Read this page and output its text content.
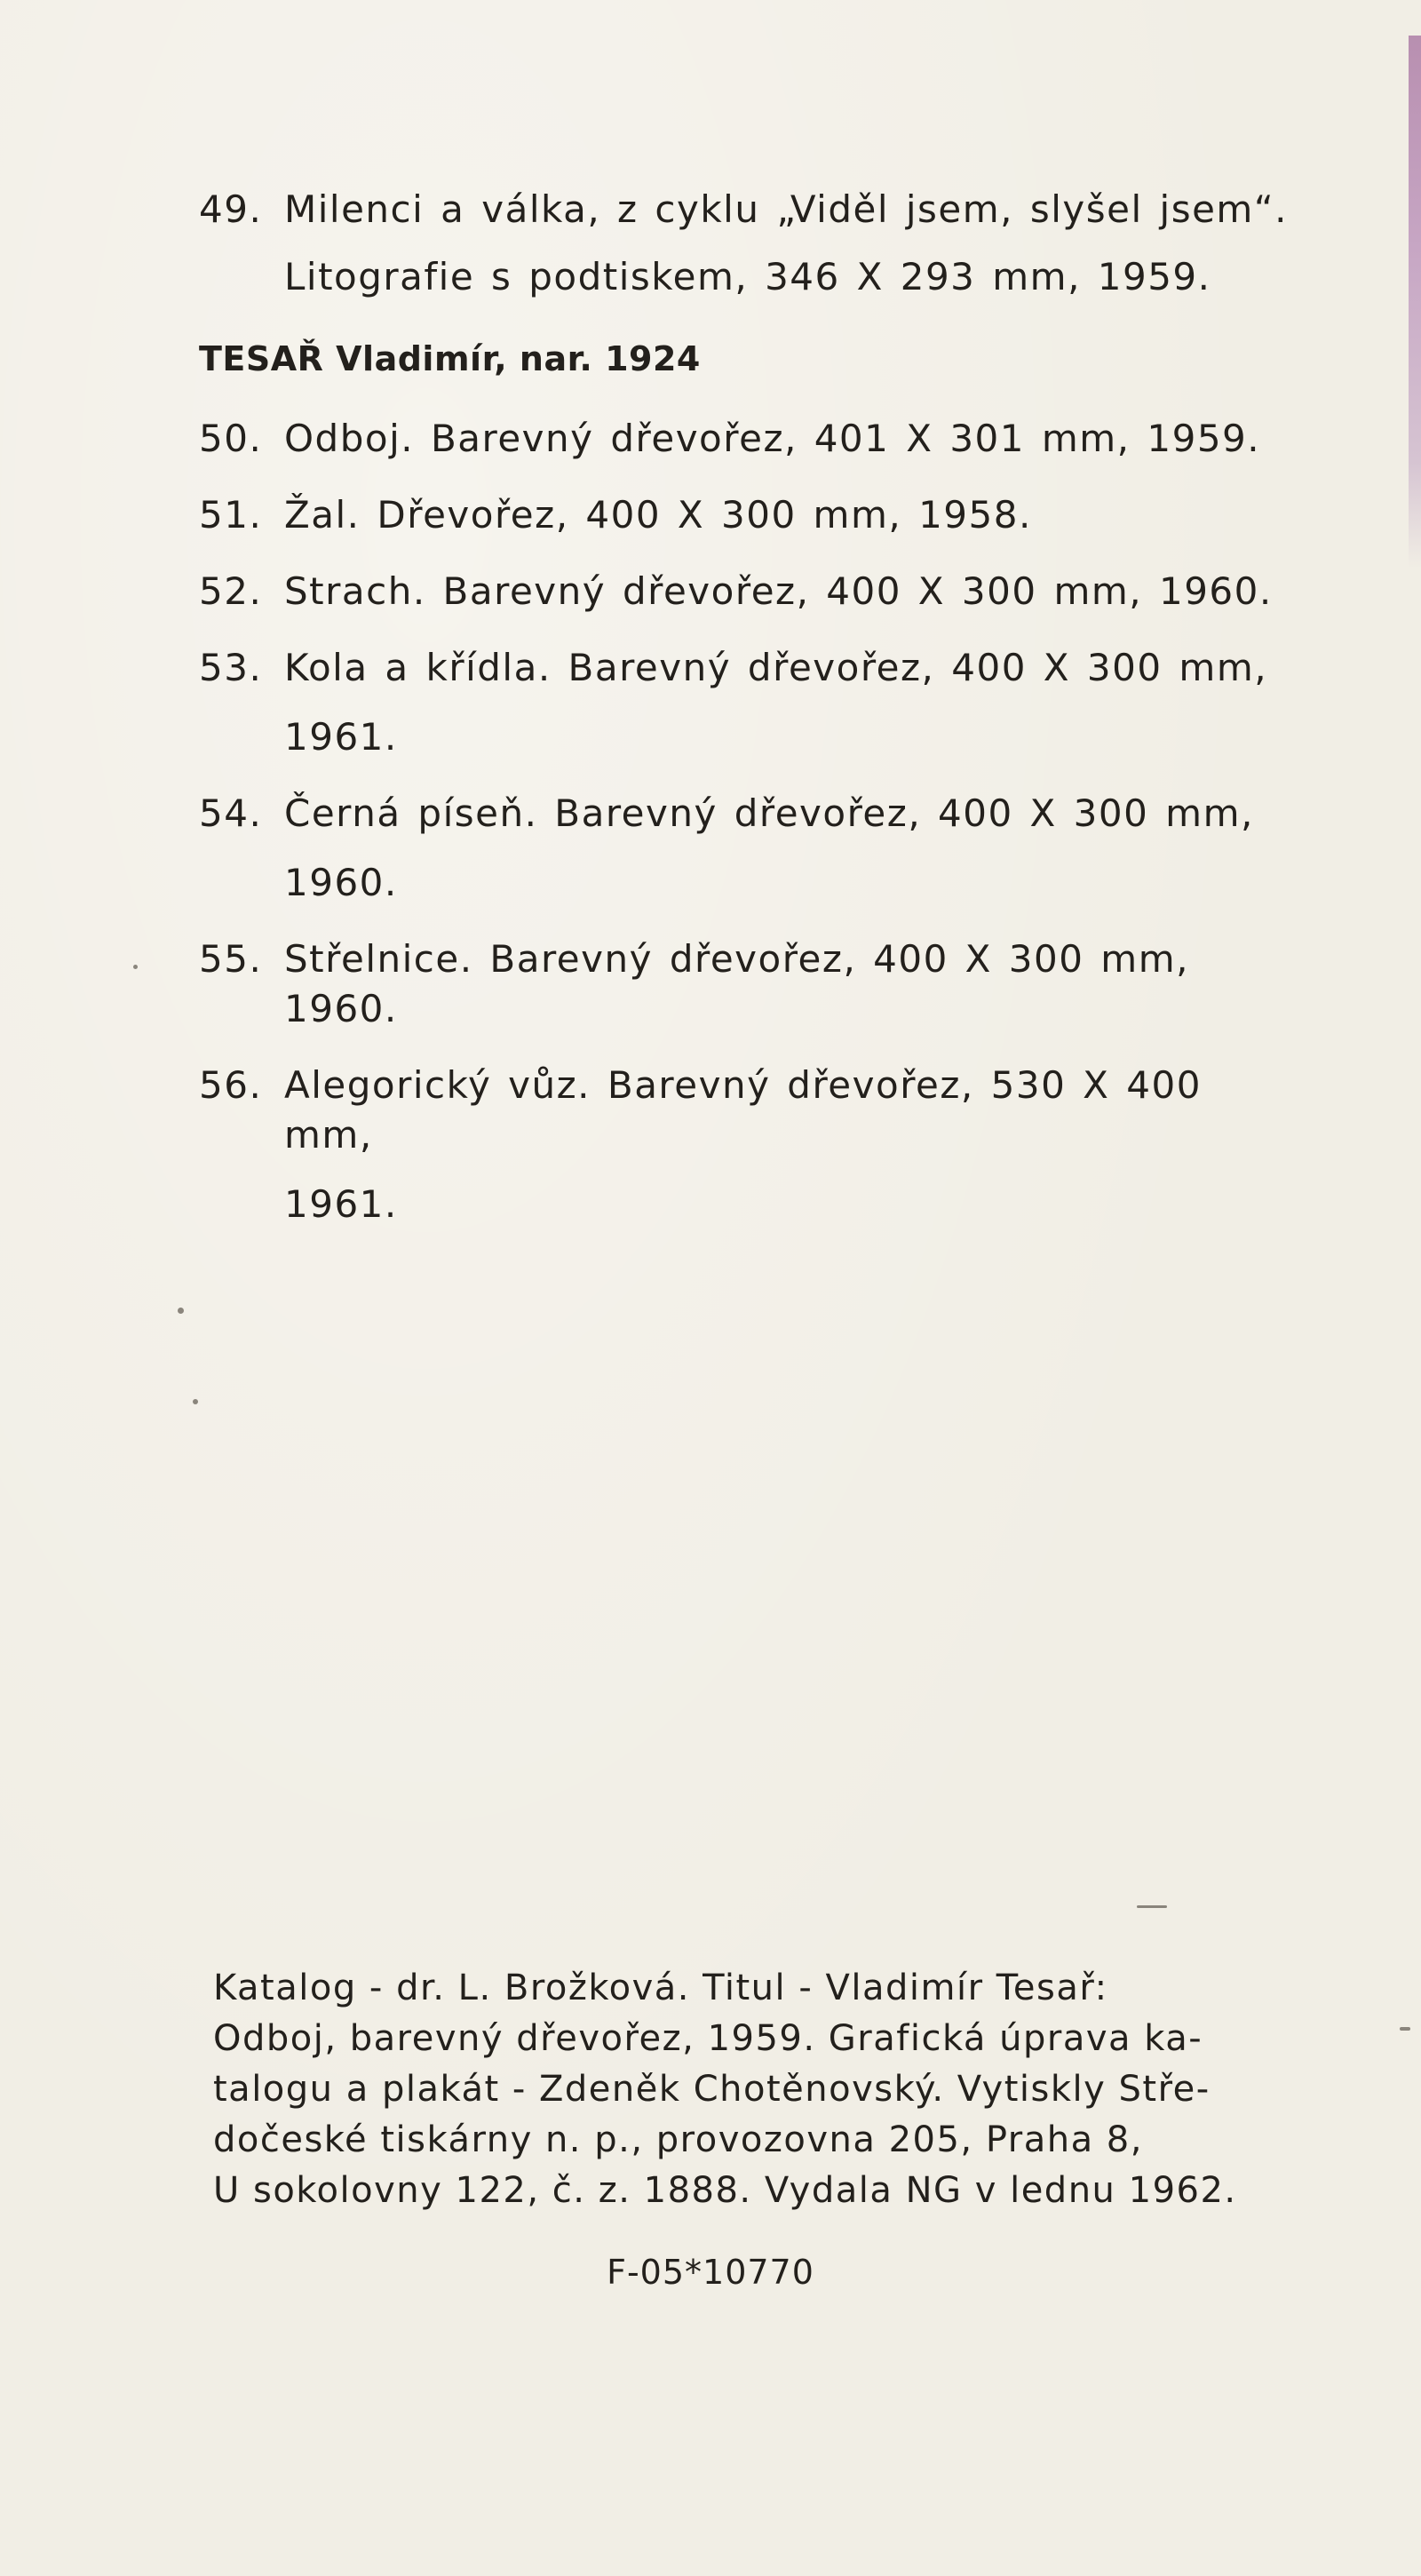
49. Milenci a válka, z cyklu „Viděl jsem, slyšel jsem“.
Litografie s podtiskem, 346 X 293 mm, 1959.
TESAŘ Vladimír, nar. 1924
50. Odboj. Barevný dřevořez, 401 X 301 mm, 1959.
51. Žal. Dřevořez, 400 X 300 mm, 1958.
52. Strach. Barevný dřevořez, 400 X 300 mm, 1960.
53. Kola a křídla. Barevný dřevořez, 400 X 300 mm,
1961.
54. Černá píseň. Barevný dřevořez, 400 X 300 mm,
1960.
55. Střelnice. Barevný dřevořez, 400 X 300 mm, 1960.
56. Alegorický vůz. Barevný dřevořez, 530 X 400 mm,
1961.
Katalog - dr. L. Brožková. Titul - Vladimír Tesař:
Odboj, barevný dřevořez, 1959. Grafická úprava ka-
talogu a plakát - Zdeněk Chotěnovský. Vytiskly Stře-
dočeské tiskárny n. p., provozovna 205, Praha 8,
U sokolovny 122, č. z. 1888. Vydala NG v lednu 1962.
F-05*10770
